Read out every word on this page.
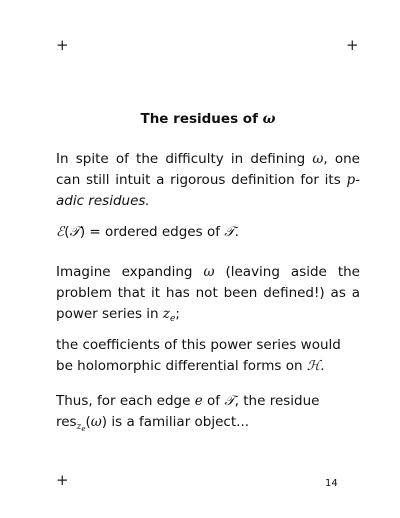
+	+
+	14
The residues of ω
In spite of the difficulty in defining ω, one can still intuit a rigorous definition for its p-adic residues.
ℰ(𝒯) = ordered edges of 𝒯.
Imagine expanding ω (leaving aside the problem that it has not been defined!) as a power series in $z_e$;
the coefficients of this power series would be holomorphic differential forms on ℋ.
Thus, for each edge e of 𝒯, the residue res$_{z_e}$(ω) is a familiar object...
